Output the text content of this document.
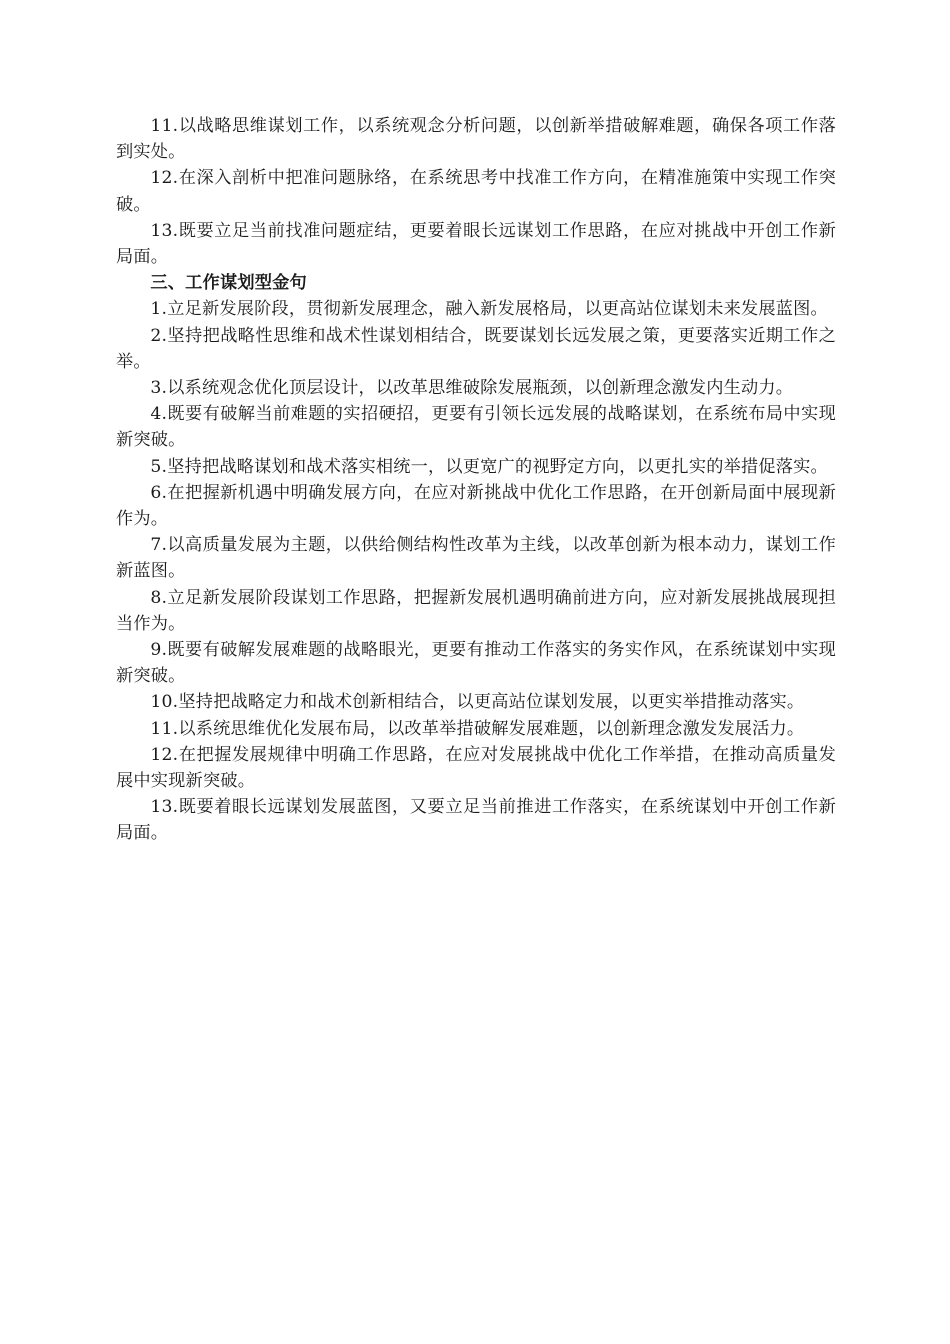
11.以战略思维谋划工作，以系统观念分析问题，以创新举措破解难题，确保各项工作落到实处。

12.在深入剖析中把准问题脉络，在系统思考中找准工作方向，在精准施策中实现工作突破。

13.既要立足当前找准问题症结，更要着眼长远谋划工作思路，在应对挑战中开创工作新局面。

三、工作谋划型金句

1.立足新发展阶段，贯彻新发展理念，融入新发展格局，以更高站位谋划未来发展蓝图。

2.坚持把战略性思维和战术性谋划相结合，既要谋划长远发展之策，更要落实近期工作之举。

3.以系统观念优化顶层设计，以改革思维破除发展瓶颈，以创新理念激发内生动力。

4.既要有破解当前难题的实招硬招，更要有引领长远发展的战略谋划，在系统布局中实现新突破。

5.坚持把战略谋划和战术落实相统一，以更宽广的视野定方向，以更扎实的举措促落实。

6.在把握新机遇中明确发展方向，在应对新挑战中优化工作思路，在开创新局面中展现新作为。

7.以高质量发展为主题，以供给侧结构性改革为主线，以改革创新为根本动力，谋划工作新蓝图。

8.立足新发展阶段谋划工作思路，把握新发展机遇明确前进方向，应对新发展挑战展现担当作为。

9.既要有破解发展难题的战略眼光，更要有推动工作落实的务实作风，在系统谋划中实现新突破。

10.坚持把战略定力和战术创新相结合，以更高站位谋划发展，以更实举措推动落实。

11.以系统思维优化发展布局，以改革举措破解发展难题，以创新理念激发发展活力。

12.在把握发展规律中明确工作思路，在应对发展挑战中优化工作举措，在推动高质量发展中实现新突破。

13.既要着眼长远谋划发展蓝图，又要立足当前推进工作落实，在系统谋划中开创工作新局面。
